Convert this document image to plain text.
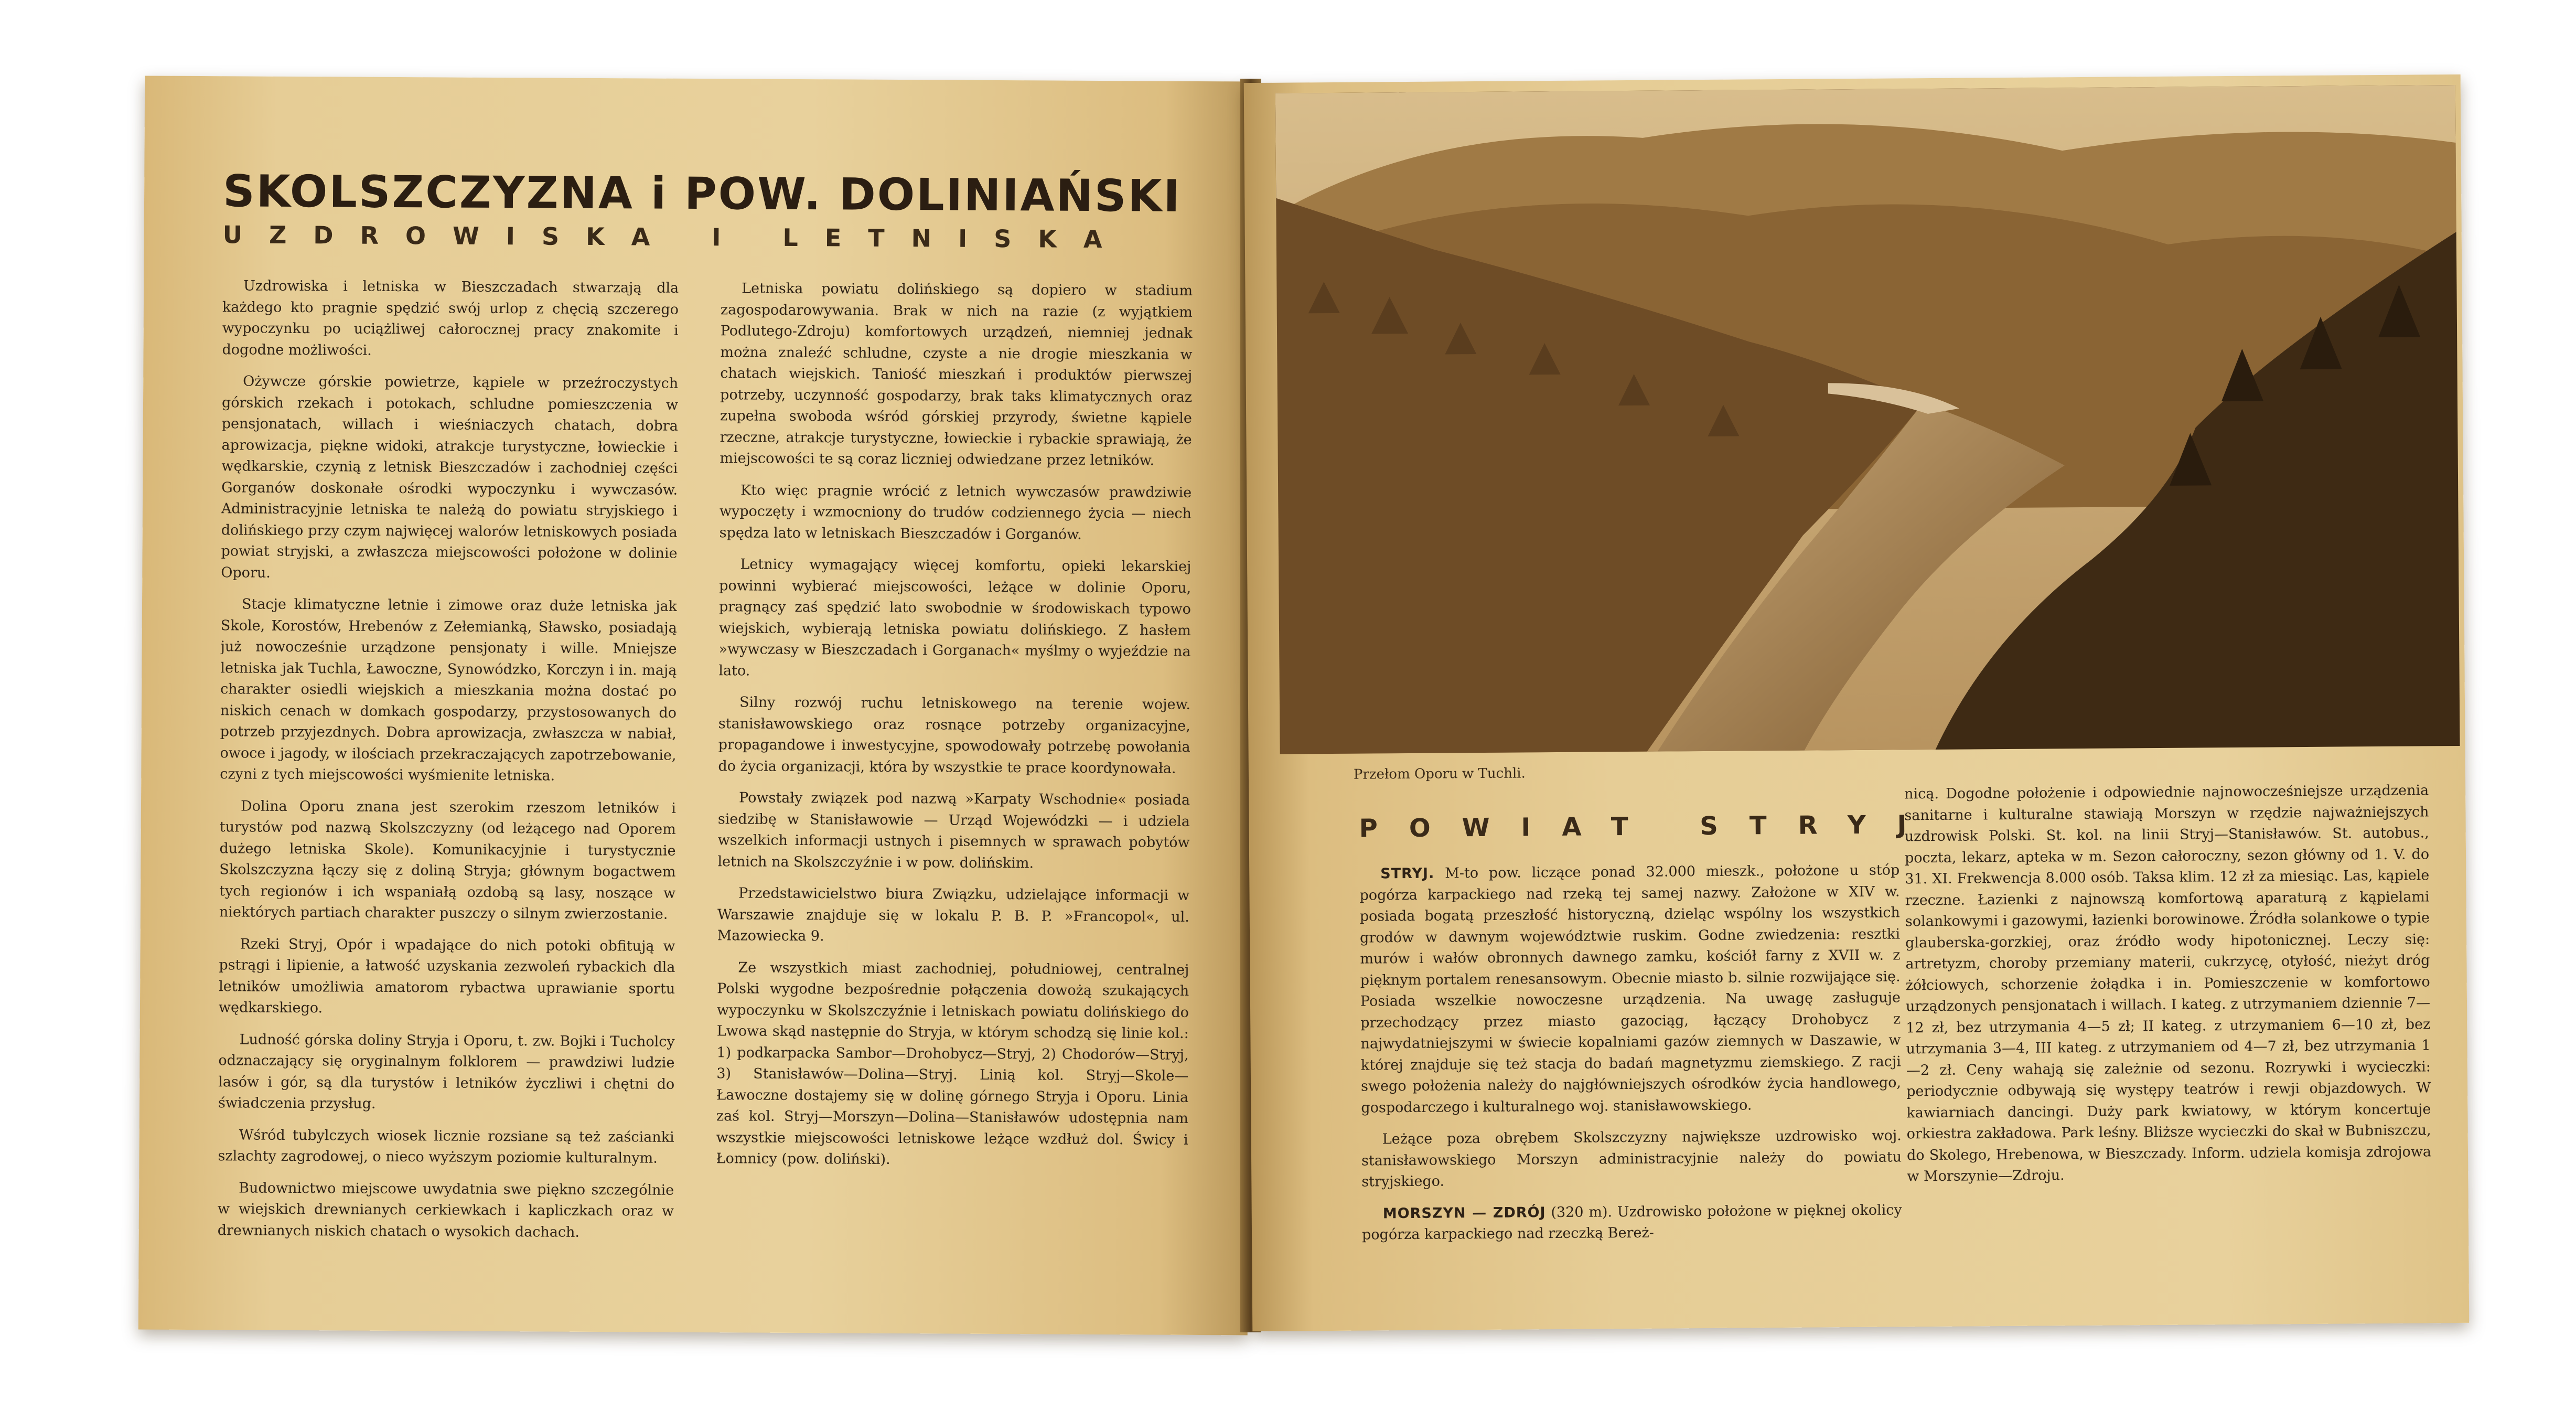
SKOLSZCZYZNA i POW. DOLINIAŃSKI
UZDROWISKA I LETNISKA

Uzdrowiska i letniska w Bieszczadach stwarzają dla każdego kto pragnie spędzić swój urlop z chęcią szczerego wypoczynku po uciążliwej całorocznej pracy znakomite i dogodne możliwości.

Ożywcze górskie powietrze, kąpiele w przeźroczystych górskich rzekach i potokach, schludne pomieszczenia w pensjonatach, willach i wieśniaczych chatach, dobra aprowizacja, piękne widoki, atrakcje turystyczne, łowieckie i wędkarskie, czynią z letnisk Bieszczadów i zachodniej części Gorganów doskonałe ośrodki wypoczynku i wywczasów. Administracyjnie letniska te należą do powiatu stryjskiego i dolińskiego przy czym najwięcej walorów letniskowych posiada powiat stryjski, a zwłaszcza miejscowości położone w dolinie Oporu.

Stacje klimatyczne letnie i zimowe oraz duże letniska jak Skole, Korostów, Hrebenów z Zełemianką, Sławsko, posiadają już nowocześnie urządzone pensjonaty i wille. Mniejsze letniska jak Tuchla, Ławoczne, Synowódzko, Korczyn i in. mają charakter osiedli wiejskich a mieszkania można dostać po niskich cenach w domkach gospodarzy, przystosowanych do potrzeb przyjezdnych. Dobra aprowizacja, zwłaszcza w nabiał, owoce i jagody, w ilościach przekraczających zapotrzebowanie, czyni z tych miejscowości wyśmienite letniska.

Dolina Oporu znana jest szerokim rzeszom letników i turystów pod nazwą Skolszczyzny (od leżącego nad Oporem dużego letniska Skole). Komunikacyjnie i turystycznie Skolszczyzna łączy się z doliną Stryja; głównym bogactwem tych regionów i ich wspaniałą ozdobą są lasy, noszące w niektórych partiach charakter puszczy o silnym zwierzostanie.

Rzeki Stryj, Opór i wpadające do nich potoki obfitują w pstrągi i lipienie, a łatwość uzyskania zezwoleń rybackich dla letników umożliwia amatorom rybactwa uprawianie sportu wędkarskiego.

Ludność górska doliny Stryja i Oporu, t. zw. Bojki i Tucholcy odznaczający się oryginalnym folklorem — prawdziwi ludzie lasów i gór, są dla turystów i letników życzliwi i chętni do świadczenia przysług.

Wśród tubylczych wiosek licznie rozsiane są też zaścianki szlachty zagrodowej, o nieco wyższym poziomie kulturalnym.

Budownictwo miejscowe uwydatnia swe piękno szczególnie w wiejskich drewnianych cerkiewkach i kapliczkach oraz w drewnianych niskich chatach o wysokich dachach.

Letniska powiatu dolińskiego są dopiero w stadium zagospodarowywania. Brak w nich na razie (z wyjątkiem Podlutego-Zdroju) komfortowych urządzeń, niemniej jednak można znaleźć schludne, czyste a nie drogie mieszkania w chatach wiejskich. Taniość mieszkań i produktów pierwszej potrzeby, uczynność gospodarzy, brak taks klimatycznych oraz zupełna swoboda wśród górskiej przyrody, świetne kąpiele rzeczne, atrakcje turystyczne, łowieckie i rybackie sprawiają, że miejscowości te są coraz liczniej odwiedzane przez letników.

Kto więc pragnie wrócić z letnich wywczasów prawdziwie wypoczęty i wzmocniony do trudów codziennego życia — niech spędza lato w letniskach Bieszczadów i Gorganów.

Letnicy wymagający więcej komfortu, opieki lekarskiej powinni wybierać miejscowości, leżące w dolinie Oporu, pragnący zaś spędzić lato swobodnie w środowiskach typowo wiejskich, wybierają letniska powiatu dolińskiego. Z hasłem »wywczasy w Bieszczadach i Gorganach« myślmy o wyjeździe na lato.

Silny rozwój ruchu letniskowego na terenie wojew. stanisławowskiego oraz rosnące potrzeby organizacyjne, propagandowe i inwestycyjne, spowodowały potrzebę powołania do życia organizacji, która by wszystkie te prace koordynowała.

Powstały związek pod nazwą »Karpaty Wschodnie« posiada siedzibę w Stanisławowie — Urząd Wojewódzki — i udziela wszelkich informacji ustnych i pisemnych w sprawach pobytów letnich na Skolszczyźnie i w pow. dolińskim.

Przedstawicielstwo biura Związku, udzielające informacji w Warszawie znajduje się w lokalu P. B. P. »Francopol«, ul. Mazowiecka 9.

Ze wszystkich miast zachodniej, południowej, centralnej Polski wygodne bezpośrednie połączenia dowożą szukających wypoczynku w Skolszczyźnie i letniskach powiatu dolińskiego do Lwowa skąd następnie do Stryja, w którym schodzą się linie kol.: 1) podkarpacka Sambor—Drohobycz—Stryj, 2) Chodorów—Stryj, 3) Stanisławów—Dolina—Stryj. Linią kol. Stryj—Skole—Ławoczne dostajemy się w dolinę górnego Stryja i Oporu. Linia zaś kol. Stryj—Morszyn—Dolina—Stanisławów udostępnia nam wszystkie miejscowości letniskowe leżące wzdłuż dol. Świcy i Łomnicy (pow. doliński).

Przełom Oporu w Tuchli.
POWIAT STRYJ

STRYJ. M-to pow. liczące ponad 32.000 mieszk., położone u stóp pogórza karpackiego nad rzeką tej samej nazwy. Założone w XIV w. posiada bogatą przeszłość historyczną, dzieląc wspólny los wszystkich grodów w dawnym województwie ruskim. Godne zwiedzenia: resztki murów i wałów obronnych dawnego zamku, kościół farny z XVII w. z pięknym portalem renesansowym. Obecnie miasto b. silnie rozwijające się. Posiada wszelkie nowoczesne urządzenia. Na uwagę zasługuje przechodzący przez miasto gazociąg, łączący Drohobycz z najwydatniejszymi w świecie kopalniami gazów ziemnych w Daszawie, w której znajduje się też stacja do badań magnetyzmu ziemskiego. Z racji swego położenia należy do najgłówniejszych ośrodków życia handlowego, gospodarczego i kulturalnego woj. stanisławowskiego.

Leżące poza obrębem Skolszczyzny największe uzdrowisko woj. stanisławowskiego Morszyn administracyjnie należy do powiatu stryjskiego.

MORSZYN — ZDRÓJ (320 m). Uzdrowisko położone w pięknej okolicy pogórza karpackiego nad rzeczką Bereż-

nicą. Dogodne położenie i odpowiednie najnowocześniejsze urządzenia sanitarne i kulturalne stawiają Morszyn w rzędzie najważniejszych uzdrowisk Polski. St. kol. na linii Stryj—Stanisławów. St. autobus., poczta, lekarz, apteka w m. Sezon całoroczny, sezon główny od 1. V. do 31. XI. Frekwencja 8.000 osób. Taksa klim. 12 zł za miesiąc. Las, kąpiele rzeczne. Łazienki z najnowszą komfortową aparaturą z kąpielami solankowymi i gazowymi, łazienki borowinowe. Źródła solankowe o typie glauberska-gorzkiej, oraz źródło wody hipotonicznej. Leczy się: artretyzm, choroby przemiany materii, cukrzycę, otyłość, nieżyt dróg żółciowych, schorzenie żołądka i in. Pomieszczenie w komfortowo urządzonych pensjonatach i willach. I kateg. z utrzymaniem dziennie 7—12 zł, bez utrzymania 4—5 zł; II kateg. z utrzymaniem 6—10 zł, bez utrzymania 3—4, III kateg. z utrzymaniem od 4—7 zł, bez utrzymania 1—2 zł. Ceny wahają się zależnie od sezonu. Rozrywki i wycieczki: periodycznie odbywają się występy teatrów i rewji objazdowych. W kawiarniach dancingi. Duży park kwiatowy, w którym koncertuje orkiestra zakładowa. Park leśny. Bliższe wycieczki do skał w Bubniszczu, do Skolego, Hrebenowa, w Bieszczady. Inform. udziela komisja zdrojowa w Morszynie—Zdroju.
